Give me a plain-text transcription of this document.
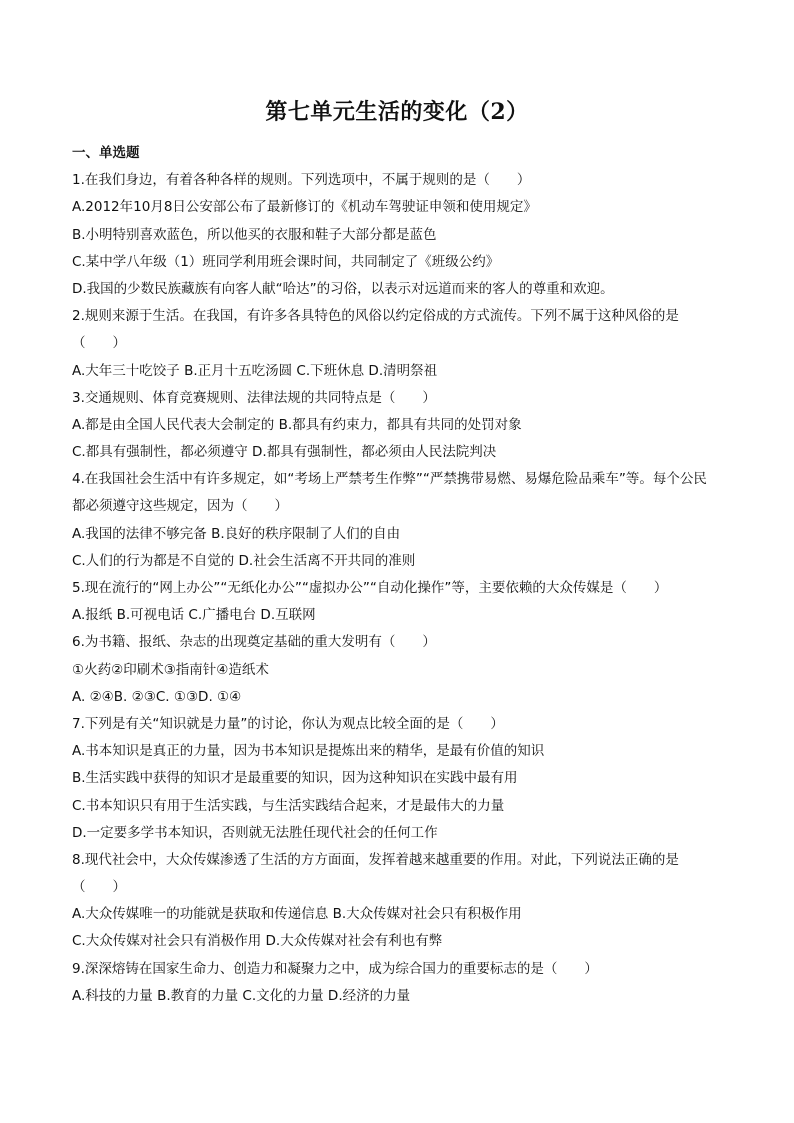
第七单元生活的变化（2）
一、单选题
1.在我们身边，有着各种各样的规则。下列选项中，不属于规则的是（　　）
A.2012年10月8日公安部公布了最新修订的《机动车驾驶证申领和使用规定》
B.小明特别喜欢蓝色，所以他买的衣服和鞋子大部分都是蓝色
C.某中学八年级（1）班同学利用班会课时间，共同制定了《班级公约》
D.我国的少数民族藏族有向客人献“哈达”的习俗，以表示对远道而来的客人的尊重和欢迎。
2.规则来源于生活。在我国，有许多各具特色的风俗以约定俗成的方式流传。下列不属于这种风俗的是
（　　）
A.大年三十吃饺子 B.正月十五吃汤圆 C.下班休息 D.清明祭祖
3.交通规则、体育竞赛规则、法律法规的共同特点是（　　）
A.都是由全国人民代表大会制定的 B.都具有约束力，都具有共同的处罚对象
C.都具有强制性，都必须遵守 D.都具有强制性，都必须由人民法院判决
4.在我国社会生活中有许多规定，如“考场上严禁考生作弊”“严禁携带易燃、易爆危险品乘车”等。每个公民
都必须遵守这些规定，因为（　　）
A.我国的法律不够完备 B.良好的秩序限制了人们的自由
C.人们的行为都是不自觉的 D.社会生活离不开共同的准则
5.现在流行的“网上办公”“无纸化办公”“虚拟办公”“自动化操作”等，主要依赖的大众传媒是（　　）
A.报纸 B.可视电话 C.广播电台 D.互联网
6.为书籍、报纸、杂志的出现奠定基础的重大发明有（　　）
①火药②印刷术③指南针④造纸术
A. ②④B. ②③C. ①③D. ①④
7.下列是有关“知识就是力量”的讨论，你认为观点比较全面的是（　　）
A.书本知识是真正的力量，因为书本知识是提炼出来的精华，是最有价值的知识
B.生活实践中获得的知识才是最重要的知识，因为这种知识在实践中最有用
C.书本知识只有用于生活实践，与生活实践结合起来，才是最伟大的力量
D.一定要多学书本知识，否则就无法胜任现代社会的任何工作
8.现代社会中，大众传媒渗透了生活的方方面面，发挥着越来越重要的作用。对此，下列说法正确的是
（　　）
A.大众传媒唯一的功能就是获取和传递信息 B.大众传媒对社会只有积极作用
C.大众传媒对社会只有消极作用 D.大众传媒对社会有利也有弊
9.深深熔铸在国家生命力、创造力和凝聚力之中，成为综合国力的重要标志的是（　　）
A.科技的力量 B.教育的力量 C.文化的力量 D.经济的力量
